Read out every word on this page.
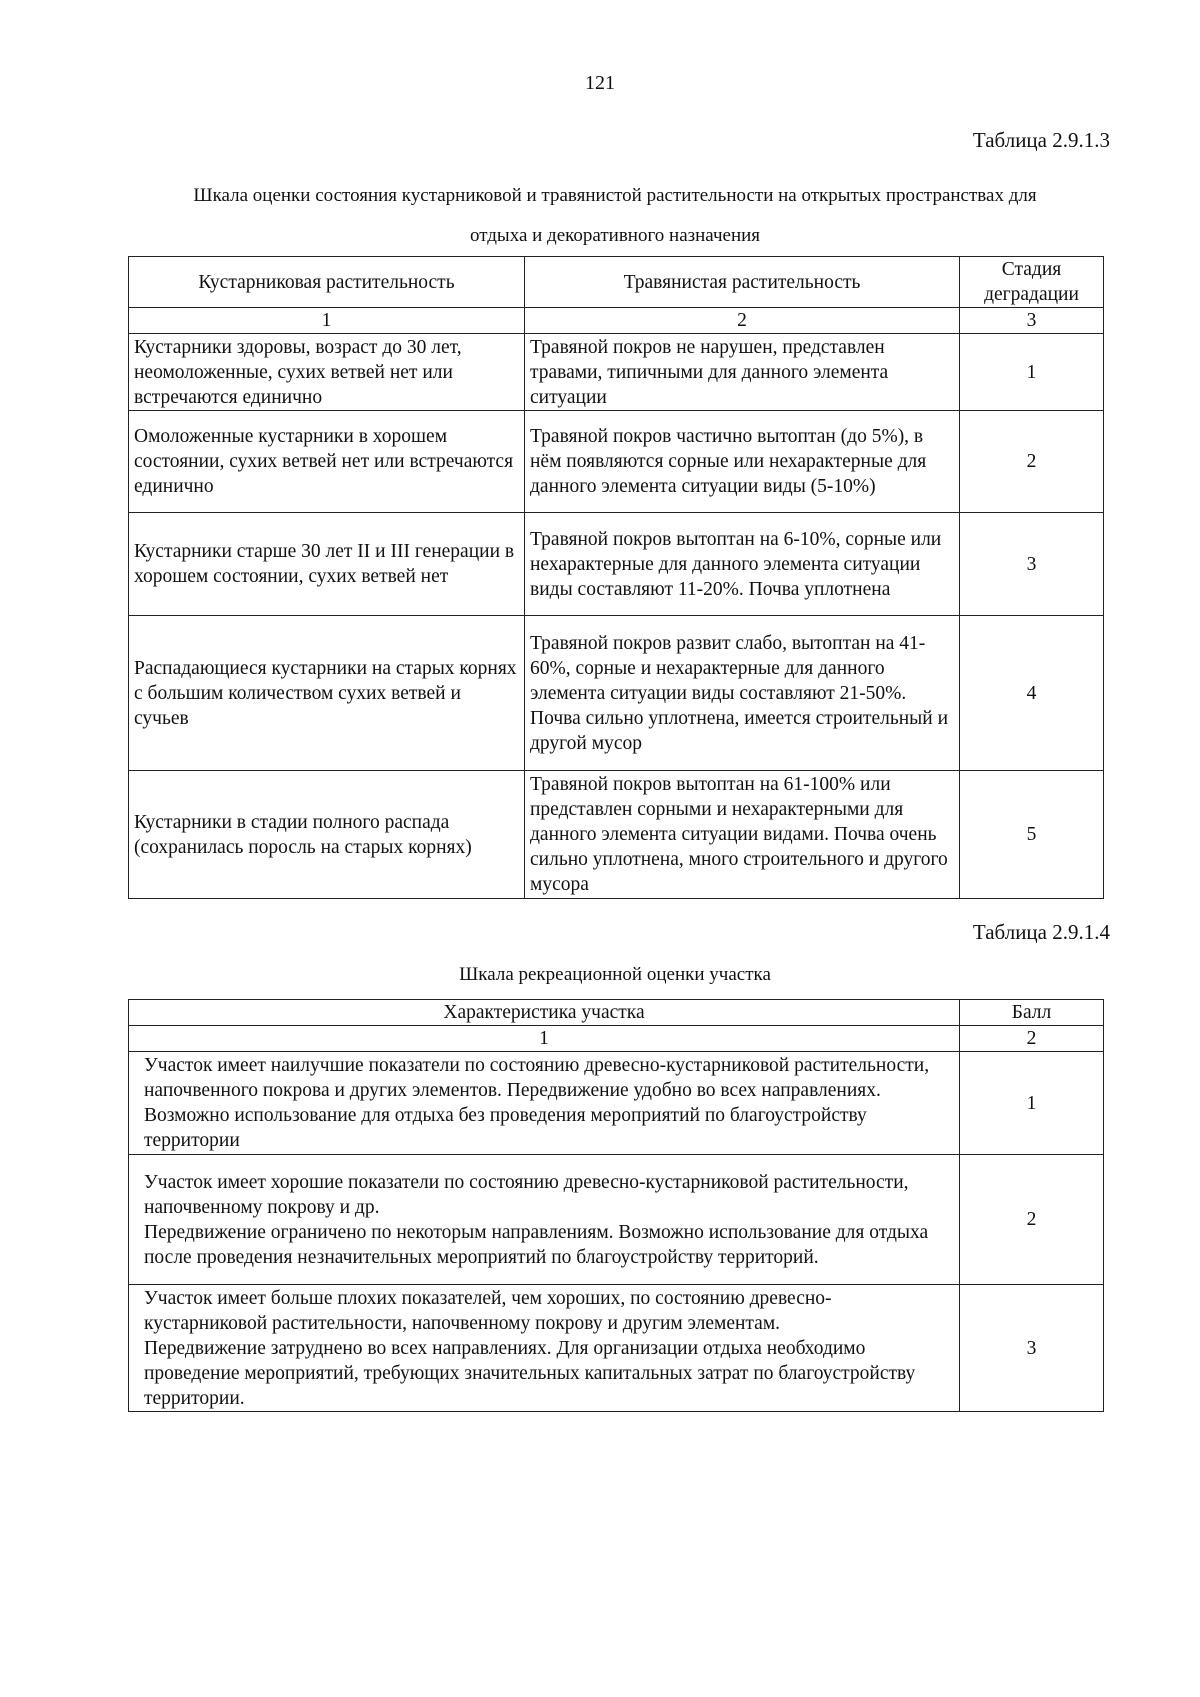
121
Таблица 2.9.1.3
Шкала оценки состояния кустарниковой и травянистой растительности на открытых пространствах для
отдыха и декоративного назначения
Кустарниковая растительность	Травянистая растительность	Стадия деградации
1	2	3
Кустарники здоровы, возраст до 30 лет, неомоложенные, сухих ветвей нет или встречаются единично	Травяной покров не нарушен, представлен травами, типичными для данного элемента ситуации	1
Омоложенные кустарники в хорошем состоянии, сухих ветвей нет или встречаются единично	Травяной покров частично вытоптан (до 5%), в нём появляются сорные или нехарактерные для данного элемента ситуации виды (5-10%)	2
Кустарники старше 30 лет II и III генерации в хорошем состоянии, сухих ветвей нет	Травяной покров вытоптан на 6-10%, сорные или нехарактерные для данного элемента ситуации виды составляют 11-20%. Почва уплотнена	3
Распадающиеся кустарники на старых корнях с большим количеством сухих ветвей и сучьев	Травяной покров развит слабо, вытоптан на 41-60%, сорные и нехарактерные для данного элемента ситуации виды составляют 21-50%.
Почва сильно уплотнена, имеется строительный и другой мусор	4
Кустарники в стадии полного распада (сохранилась поросль на старых корнях)	Травяной покров вытоптан на 61-100% или представлен сорными и нехарактерными для данного элемента ситуации видами. Почва очень сильно уплотнена, много строительного и другого мусора	5
Таблица 2.9.1.4
Шкала рекреационной оценки участка
Характеристика участка	Балл
1	2
Участок имеет наилучшие показатели по состоянию древесно-кустарниковой растительности, напочвенного покрова и других элементов. Передвижение удобно во всех направлениях. Возможно использование для отдыха без проведения мероприятий по благоустройству территории	1

Участок имеет хорошие показатели по состоянию древесно-кустарниковой растительности, напочвенному покрову и др.
Передвижение ограничено по некоторым направлениям. Возможно использование для отдыха после проведения незначительных мероприятий по благоустройству территорий.	2

Участок имеет больше плохих показателей, чем хороших, по состоянию древесно-кустарниковой растительности, напочвенному покрову и другим элементам.
Передвижение затруднено во всех направлениях. Для организации отдыха необходимо проведение мероприятий, требующих значительных капитальных затрат по благоустройству территории.	3
